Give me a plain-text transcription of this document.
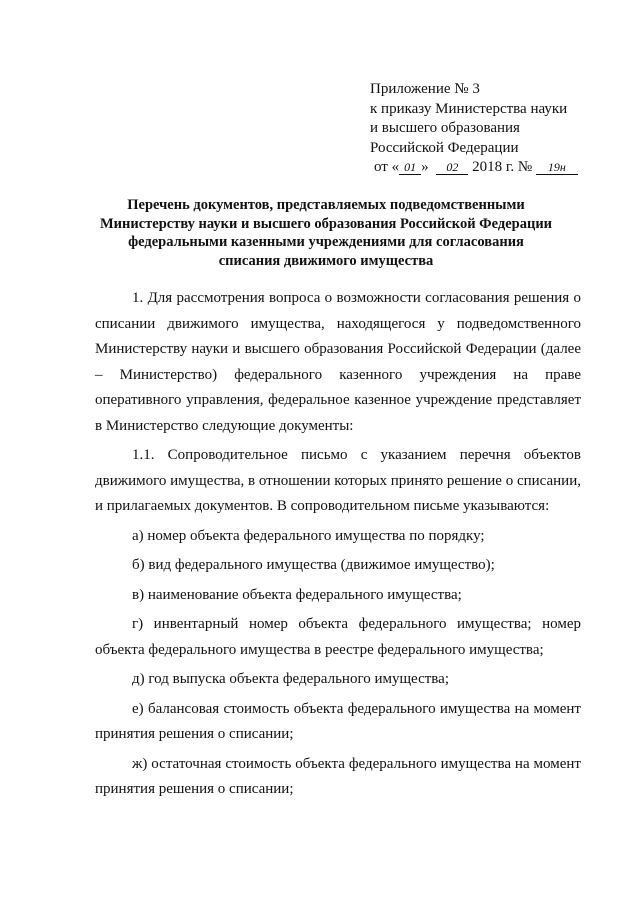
Приложение № 3
к приказу Министерства науки
и высшего образования
Российской Федерации
от « 01 » 02 2018 г. № 19н
Перечень документов, представляемых подведомственными Министерству науки и высшего образования Российской Федерации федеральными казенными учреждениями для согласования списания движимого имущества

1. Для рассмотрения вопроса о возможности согласования решения о списании движимого имущества, находящегося у подведомственного Министерству науки и высшего образования Российской Федерации (далее – Министерство) федерального казенного учреждения на праве оперативного управления, федеральное казенное учреждение представляет в Министерство следующие документы:

1.1. Сопроводительное письмо с указанием перечня объектов движимого имущества, в отношении которых принято решение о списании, и прилагаемых документов. В сопроводительном письме указываются:

а) номер объекта федерального имущества по порядку;

б) вид федерального имущества (движимое имущество);

в) наименование объекта федерального имущества;

г) инвентарный номер объекта федерального имущества; номер объекта федерального имущества в реестре федерального имущества;

д) год выпуска объекта федерального имущества;

е) балансовая стоимость объекта федерального имущества на момент принятия решения о списании;

ж) остаточная стоимость объекта федерального имущества на момент принятия решения о списании;
